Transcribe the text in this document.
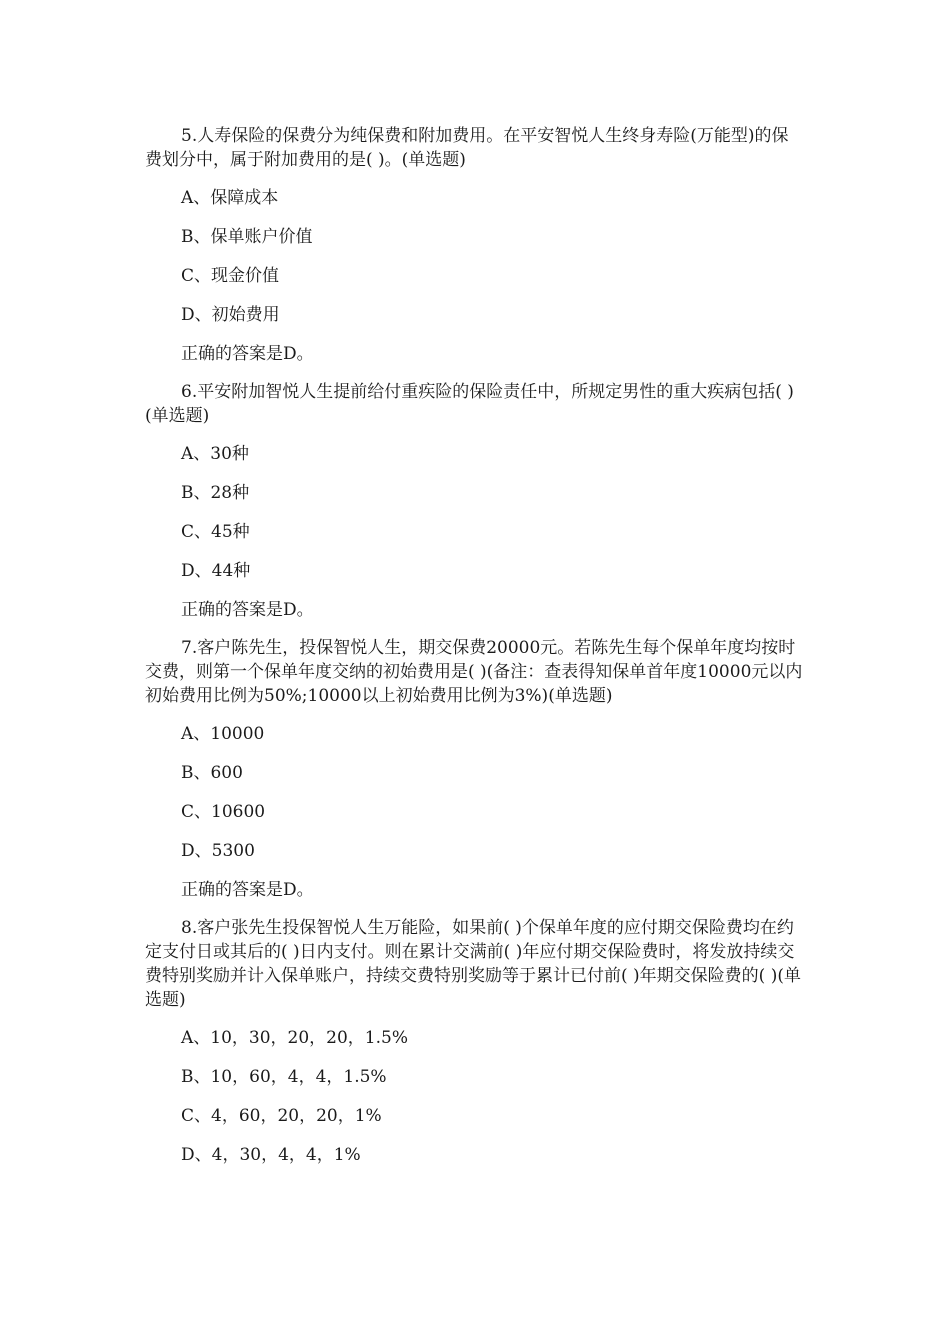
5.人寿保险的保费分为纯保费和附加费用。在平安智悦人生终身寿险(万能型)的保费划分中，属于附加费用的是( )。(单选题)
A、保障成本
B、保单账户价值
C、现金价值
D、初始费用
正确的答案是D。
6.平安附加智悦人生提前给付重疾险的保险责任中，所规定男性的重大疾病包括( )(单选题)
A、30种
B、28种
C、45种
D、44种
正确的答案是D。
7.客户陈先生，投保智悦人生，期交保费20000元。若陈先生每个保单年度均按时交费，则第一个保单年度交纳的初始费用是( )(备注：查表得知保单首年度10000元以内初始费用比例为50%;10000以上初始费用比例为3%)(单选题)
A、10000
B、600
C、10600
D、5300
正确的答案是D。
8.客户张先生投保智悦人生万能险，如果前( )个保单年度的应付期交保险费均在约定支付日或其后的( )日内支付。则在累计交满前( )年应付期交保险费时，将发放持续交费特别奖励并计入保单账户，持续交费特别奖励等于累计已付前( )年期交保险费的( )(单选题)
A、10，30，20，20，1.5%
B、10，60，4，4，1.5%
C、4，60，20，20，1%
D、4，30，4，4，1%
